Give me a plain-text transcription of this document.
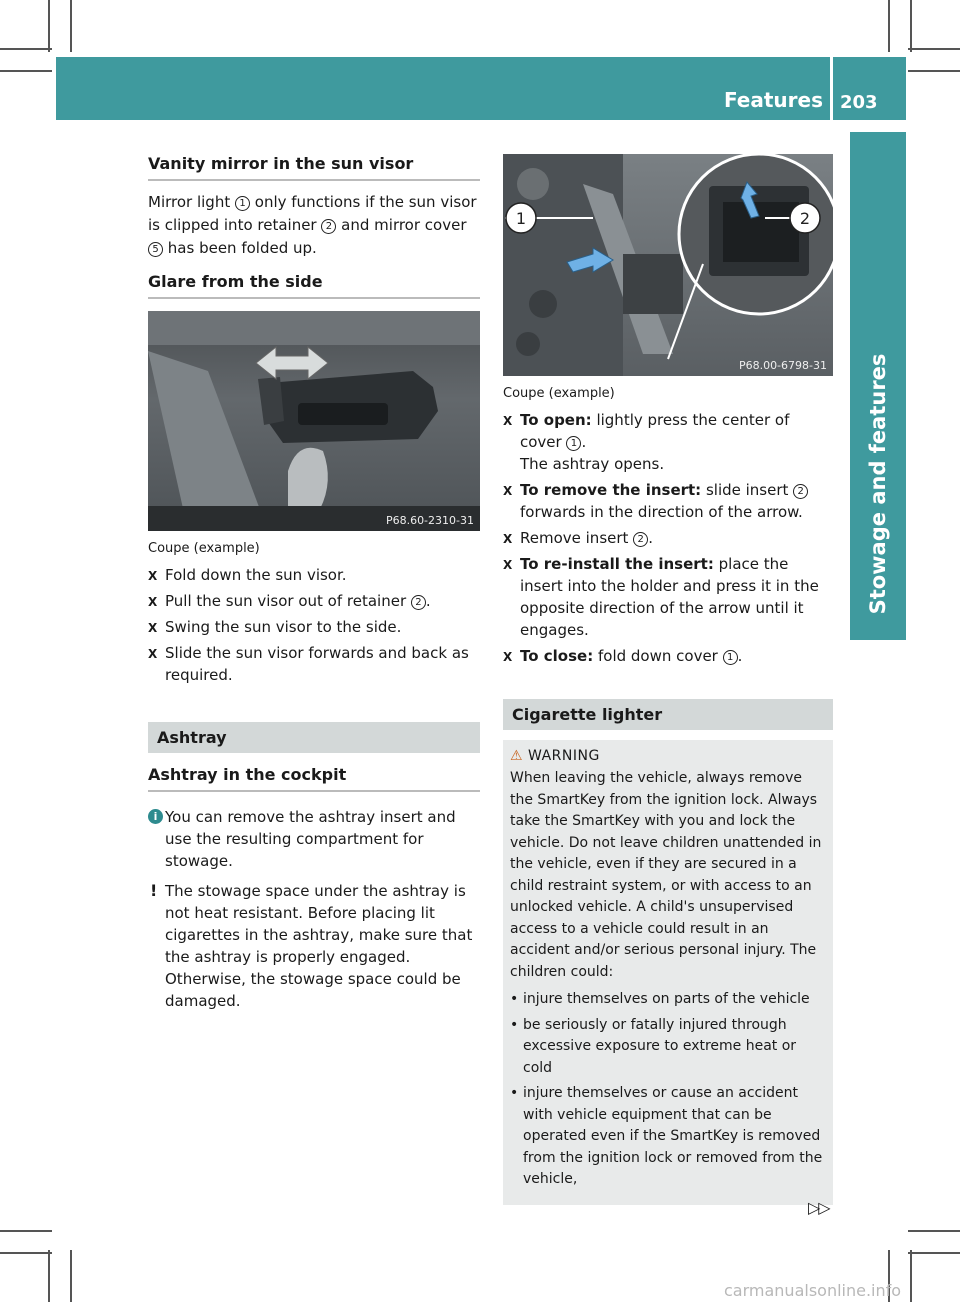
Features 203
Stowage and features
Vanity mirror in the sun visor

Mirror light 1 only functions if the sun visor is clipped into retainer 2 and mirror cover 5 has been folded up.

Glare from the side
P68.60-2310-31
Coupe (example)
X Fold down the sun visor.
X Pull the sun visor out of retainer 2 .
X Swing the sun visor to the side.
X Slide the sun visor forwards and back as required.
Ashtray
Ashtray in the cockpit
i You can remove the ashtray insert and use the resulting compartment for stowage.
! The stowage space under the ashtray is not heat resistant. Before placing lit cigarettes in the ashtray, make sure that the ashtray is properly engaged. Otherwise, the stowage space could be damaged.
1	2
P68.00-6798-31
Coupe (example)
X To open: lightly press the center of cover 1 .
The ashtray opens.
X To remove the insert: slide insert 2 forwards in the direction of the arrow.
X Remove insert 2 .
X To re-install the insert: place the insert into the holder and press it in the opposite direction of the arrow until it engages.
X To close: fold down cover 1 .
Cigarette lighter
⚠ WARNING
When leaving the vehicle, always remove the SmartKey from the ignition lock. Always take the SmartKey with you and lock the vehicle. Do not leave children unattended in the vehicle, even if they are secured in a child restraint system, or with access to an unlocked vehicle. A child's unsupervised access to a vehicle could result in an accident and/or serious personal injury. The children could:
• injure themselves on parts of the vehicle
• be seriously or fatally injured through excessive exposure to extreme heat or cold
• injure themselves or cause an accident with vehicle equipment that can be operated even if the SmartKey is removed from the ignition lock or removed from the vehicle,
▷▷
carmanualsonline.info
